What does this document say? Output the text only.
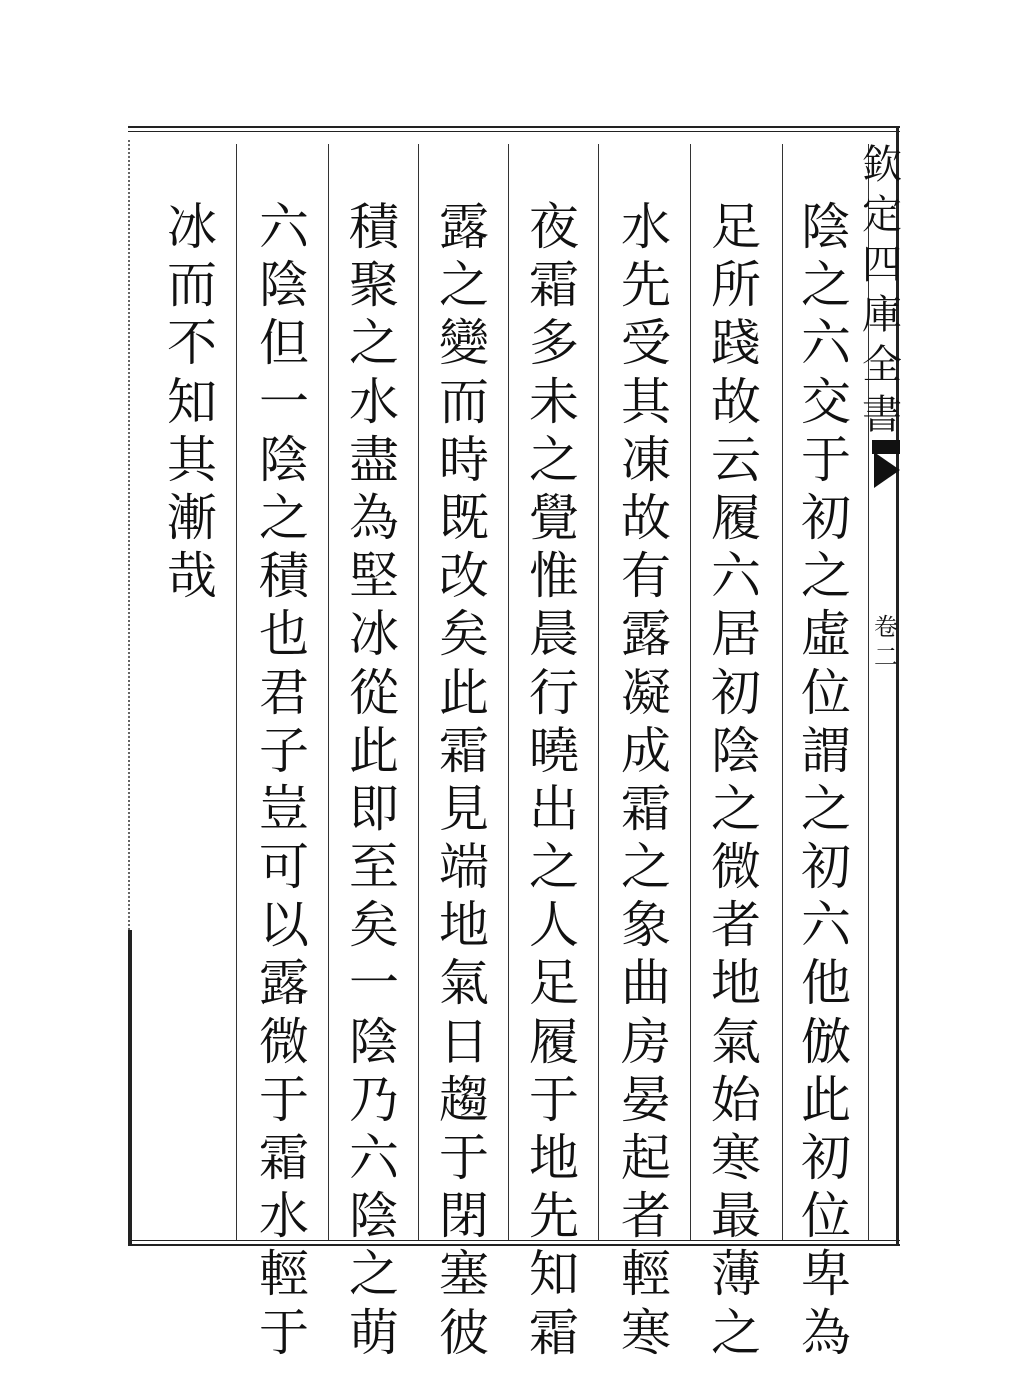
欽
定
四
庫
全
書
卷
二
陰
之
六
交
于
初
之
虛
位
謂
之
初
六
他
倣
此
初
位
卑
為
足
所
踐
故
云
履
六
居
初
陰
之
微
者
地
氣
始
寒
最
薄
之
水
先
受
其
凍
故
有
露
凝
成
霜
之
象
曲
房
晏
起
者
輕
寒
夜
霜
多
未
之
覺
惟
晨
行
曉
出
之
人
足
履
于
地
先
知
霜
露
之
變
而
時
既
改
矣
此
霜
見
端
地
氣
日
趨
于
閉
塞
彼
積
聚
之
水
盡
為
堅
冰
從
此
即
至
矣
一
陰
乃
六
陰
之
萌
六
陰
但
一
陰
之
積
也
君
子
豈
可
以
露
微
于
霜
水
輕
于
冰
而
不
知
其
漸
哉
